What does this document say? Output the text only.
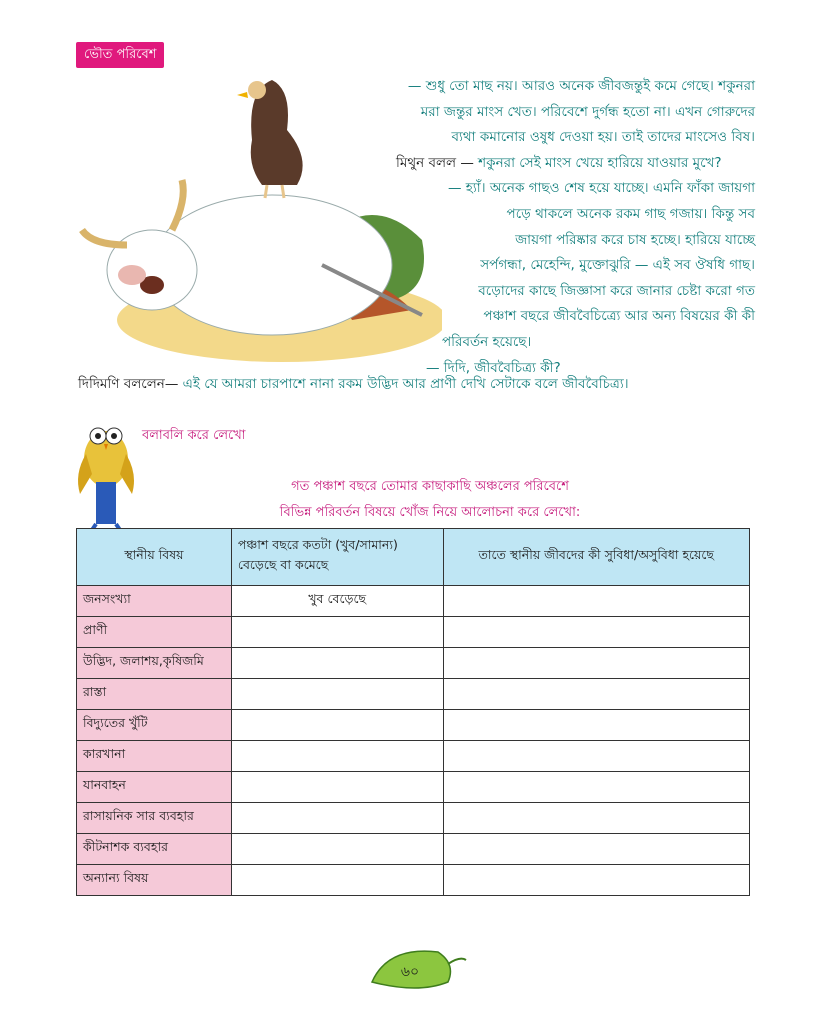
ভৌত পরিবেশ

— শুধু তো মাছ নয়। আরও অনেক জীবজন্তুই কমে গেছে। শকুনরা

মরা জন্তুর মাংস খেত। পরিবেশে দুর্গন্ধ হতো না। এখন গোরুদের

ব্যথা কমানোর ওষুধ দেওয়া হয়। তাই তাদের মাংসেও বিষ।

মিথুন বলল — শকুনরা সেই মাংস খেয়ে হারিয়ে যাওয়ার মুখে?

— হ্যাঁ। অনেক গাছও শেষ হয়ে যাচ্ছে। এমনি ফাঁকা জায়গা

পড়ে থাকলে অনেক রকম গাছ গজায়। কিন্তু সব

জায়গা পরিষ্কার করে চাষ হচ্ছে। হারিয়ে যাচ্ছে

সর্পগন্ধা, মেহেন্দি, মুক্তোঝুরি — এই সব ঔষধি গাছ।

বড়োদের কাছে জিজ্ঞাসা করে জানার চেষ্টা করো গত

পঞ্চাশ বছরে জীববৈচিত্র্যে আর অন্য বিষয়ের কী কী

পরিবর্তন হয়েছে।

— দিদি, জীববৈচিত্র্য কী?

দিদিমণি বললেন— এই যে আমরা চারপাশে নানা রকম উদ্ভিদ আর প্রাণী দেখি সেটাকে বলে জীববৈচিত্র্য।
বলাবলি করে লেখো
গত পঞ্চাশ বছরে তোমার কাছাকাছি অঞ্চলের পরিবেশে
বিভিন্ন পরিবর্তন বিষয়ে খোঁজ নিয়ে আলোচনা করে লেখো:
স্থানীয় বিষয়	পঞ্চাশ বছরে কতটা (খুব/সামান্য) বেড়েছে বা কমেছে	তাতে স্থানীয় জীবদের কী সুবিধা/অসুবিধা হয়েছে
জনসংখ্যা	খুব বেড়েছে	
প্রাণী		
উদ্ভিদ, জলাশয়,কৃষিজমি		
রাস্তা		
বিদ্যুতের খুঁটি		
কারখানা		
যানবাহন		
রাসায়নিক সার ব্যবহার		
কীটনাশক ব্যবহার		
অন্যান্য বিষয়		
৬০
